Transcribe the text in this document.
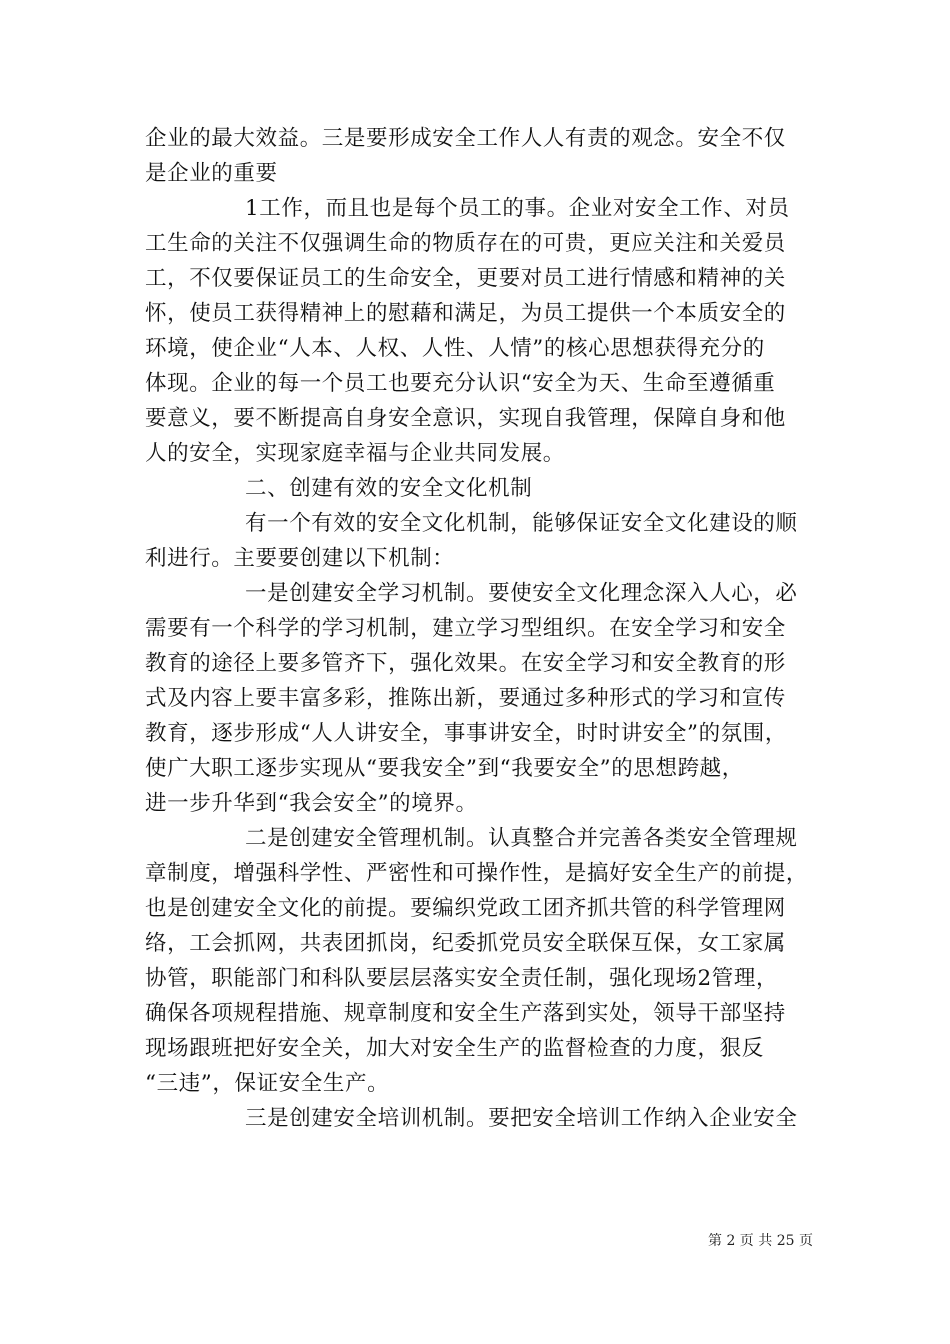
企业的最大效益。三是要形成安全工作人人有责的观念。安全不仅
是企业的重要
1工作，而且也是每个员工的事。企业对安全工作、对员
工生命的关注不仅强调生命的物质存在的可贵，更应关注和关爱员
工，不仅要保证员工的生命安全，更要对员工进行情感和精神的关
怀，使员工获得精神上的慰藉和满足，为员工提供一个本质安全的
环境，使企业“人本、人权、人性、人情”的核心思想获得充分的
体现。企业的每一个员工也要充分认识“安全为天、生命至遵循重
要意义，要不断提高自身安全意识，实现自我管理，保障自身和他
人的安全，实现家庭幸福与企业共同发展。
二、创建有效的安全文化机制
有一个有效的安全文化机制，能够保证安全文化建设的顺
利进行。主要要创建以下机制：
一是创建安全学习机制。要使安全文化理念深入人心，必
需要有一个科学的学习机制，建立学习型组织。在安全学习和安全
教育的途径上要多管齐下，强化效果。在安全学习和安全教育的形
式及内容上要丰富多彩，推陈出新，要通过多种形式的学习和宣传
教育，逐步形成“人人讲安全，事事讲安全，时时讲安全”的氛围，
使广大职工逐步实现从“要我安全”到“我要安全”的思想跨越，
进一步升华到“我会安全”的境界。
二是创建安全管理机制。认真整合并完善各类安全管理规
章制度，增强科学性、严密性和可操作性，是搞好安全生产的前提，
也是创建安全文化的前提。要编织党政工团齐抓共管的科学管理网
络，工会抓网，共表团抓岗，纪委抓党员安全联保互保，女工家属
协管，职能部门和科队要层层落实安全责任制，强化现场2管理，
确保各项规程措施、规章制度和安全生产落到实处，领导干部坚持
现场跟班把好安全关，加大对安全生产的监督检查的力度，狠反
“三违”，保证安全生产。
三是创建安全培训机制。要把安全培训工作纳入企业安全
第 2 页 共 25 页
